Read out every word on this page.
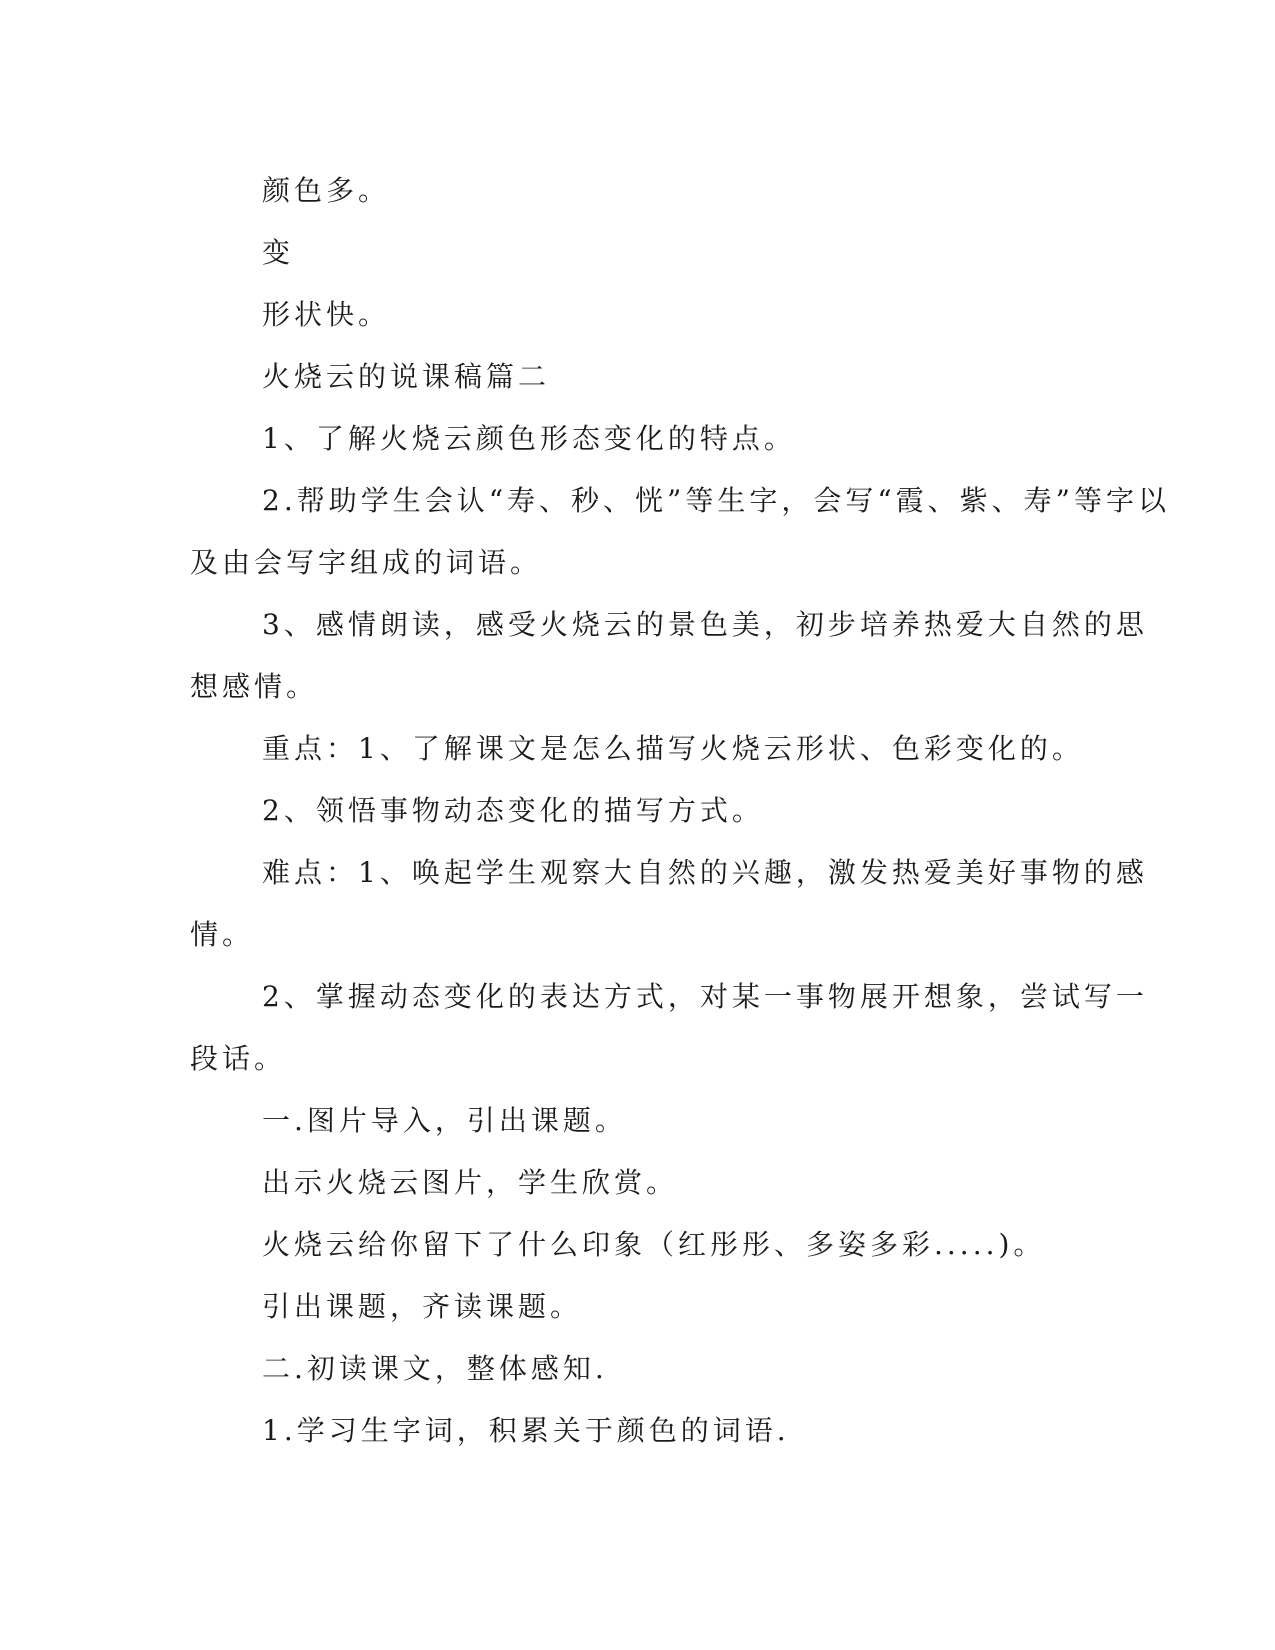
颜色多。
变
形状快。
火烧云的说课稿篇二
1、了解火烧云颜色形态变化的特点。
2.帮助学生会认“寿、秒、恍”等生字，会写“霞、紫、寿”等字以
及由会写字组成的词语。
3、感情朗读，感受火烧云的景色美，初步培养热爱大自然的思
想感情。
重点：1、了解课文是怎么描写火烧云形状、色彩变化的。
2、领悟事物动态变化的描写方式。
难点：1、唤起学生观察大自然的兴趣，激发热爱美好事物的感
情。
2、掌握动态变化的表达方式，对某一事物展开想象，尝试写一
段话。
一.图片导入，引出课题。
出示火烧云图片，学生欣赏。
火烧云给你留下了什么印象（红彤彤、多姿多彩.....)。
引出课题，齐读课题。
二.初读课文，整体感知.
1.学习生字词，积累关于颜色的词语.
